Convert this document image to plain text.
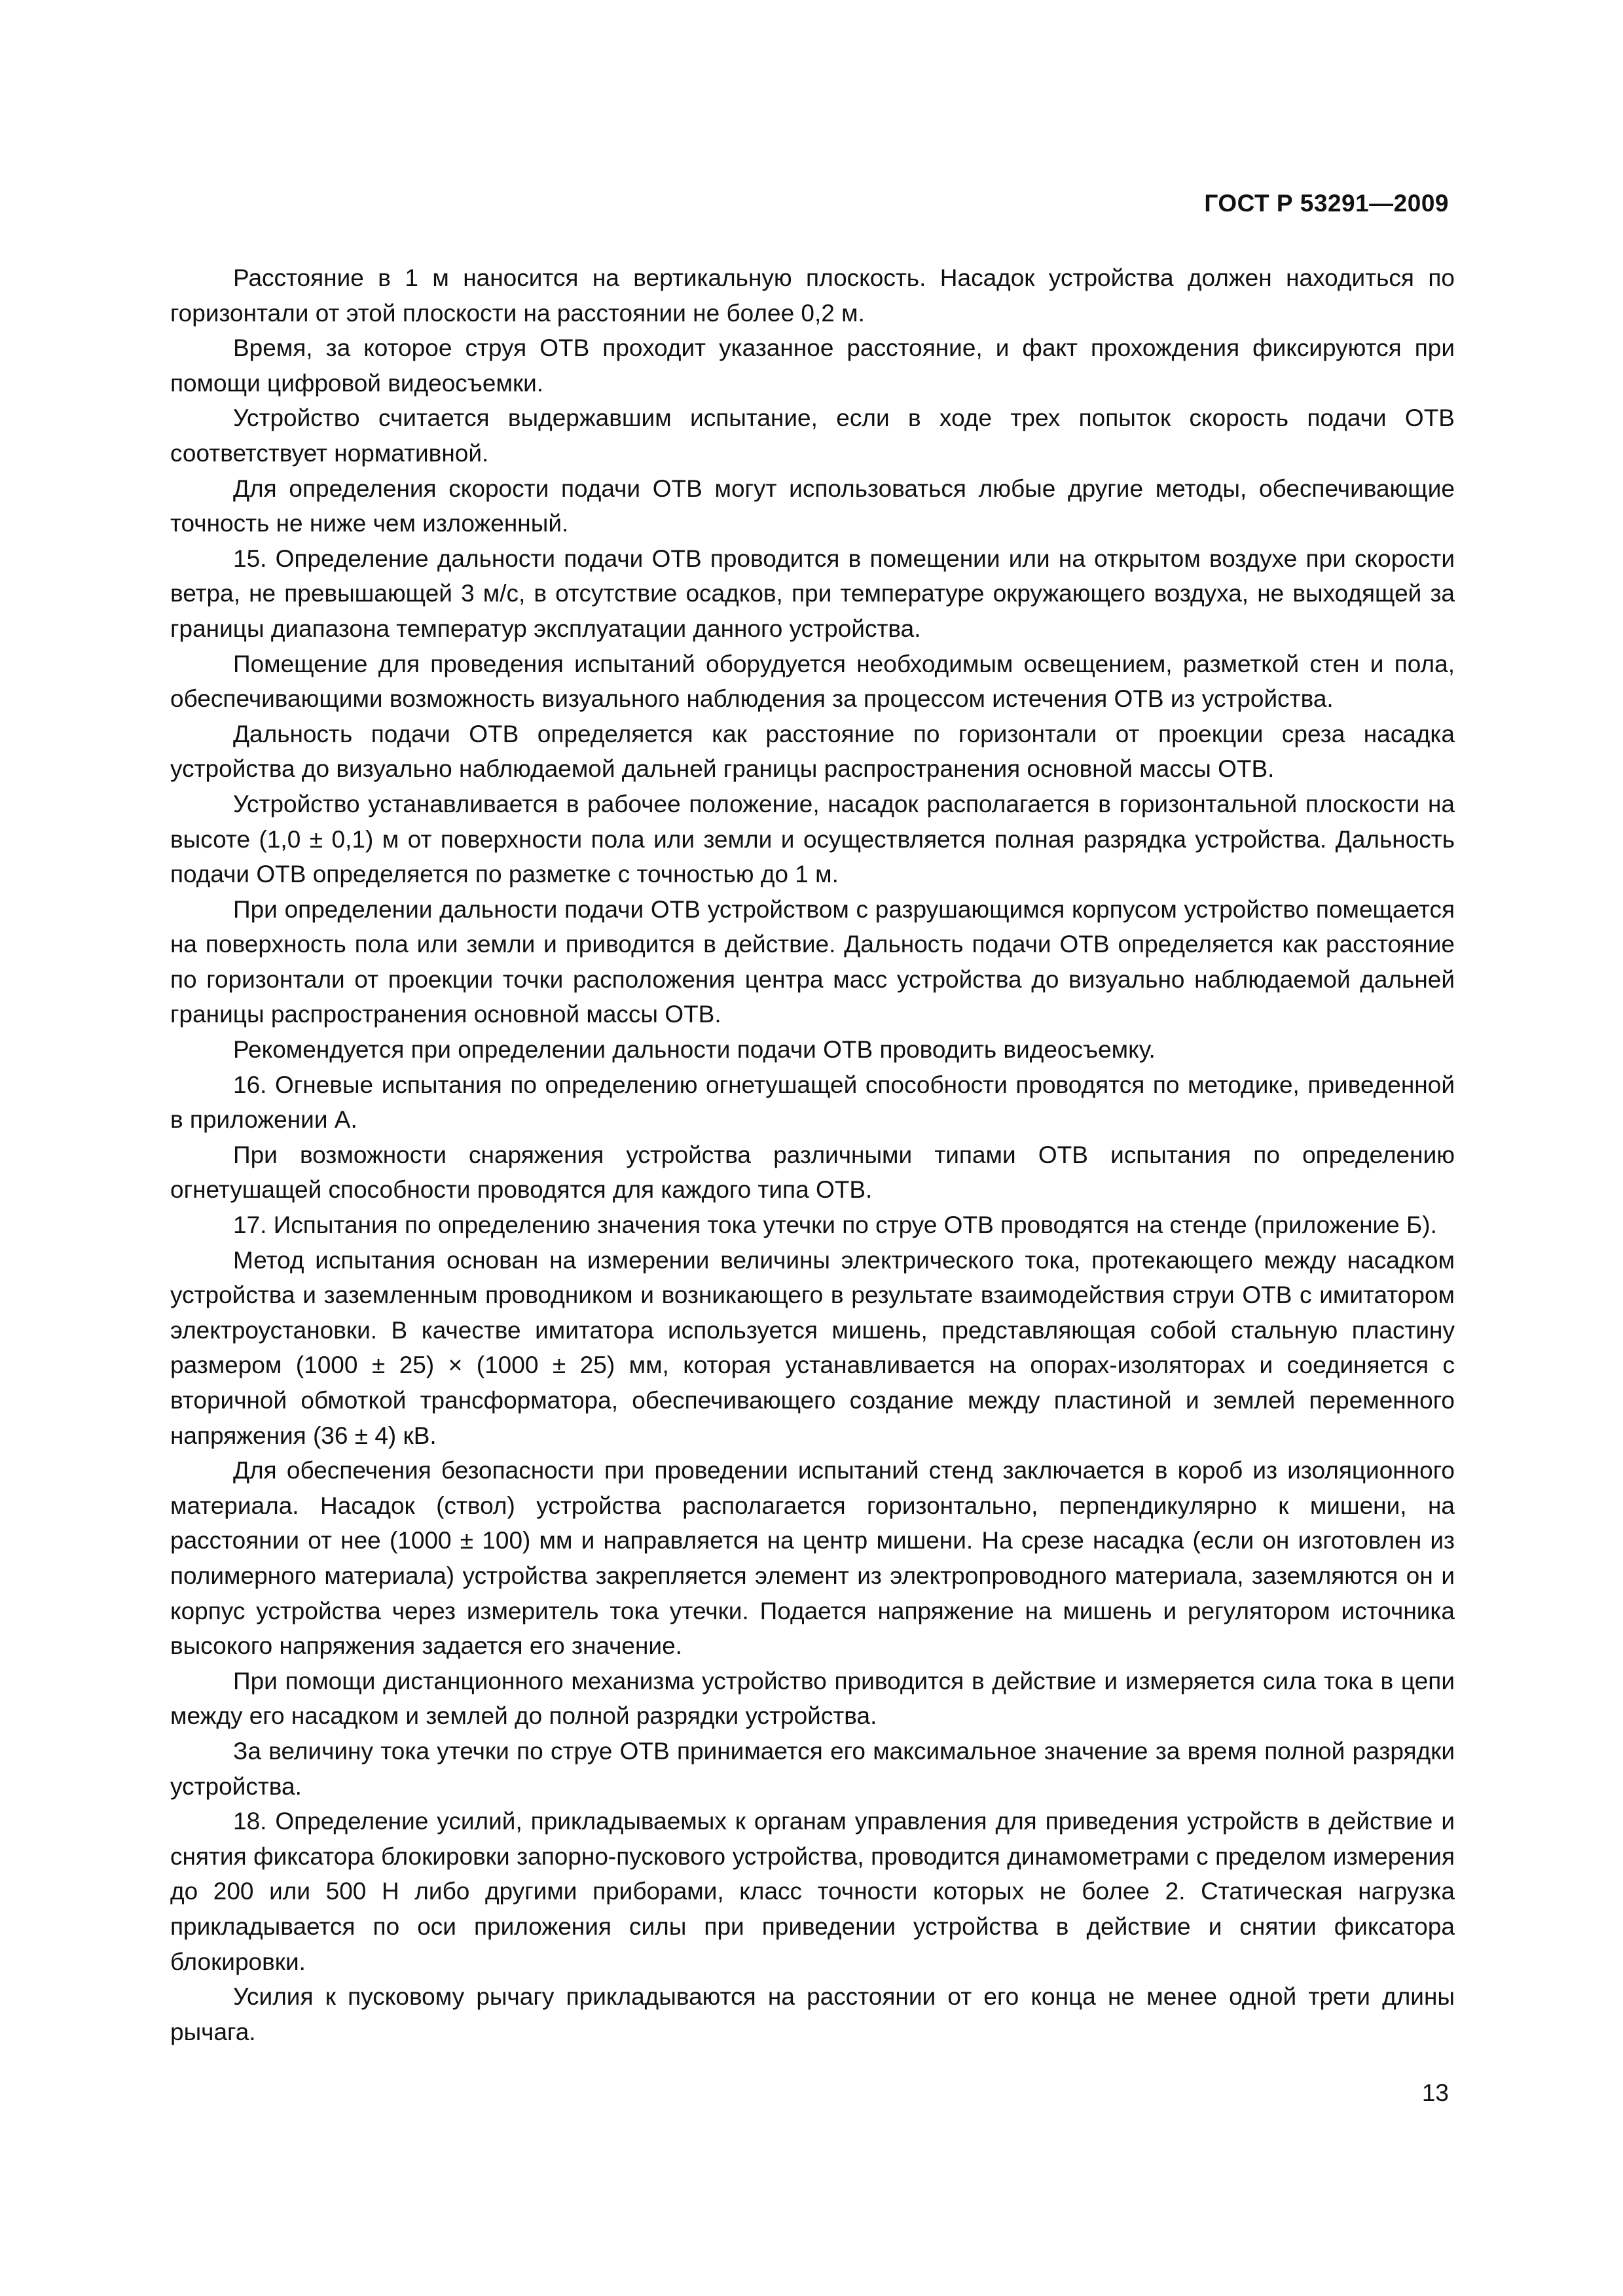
ГОСТ Р 53291—2009

Расстояние в 1 м наносится на вертикальную плоскость. Насадок устройства должен находиться по горизонтали от этой плоскости на расстоянии не более 0,2 м.

Время, за которое струя ОТВ проходит указанное расстояние, и факт прохождения фиксируются при помощи цифровой видеосъемки.

Устройство считается выдержавшим испытание, если в ходе трех попыток скорость подачи ОТВ соответствует нормативной.

Для определения скорости подачи ОТВ могут использоваться любые другие методы, обеспечивающие точность не ниже чем изложенный.

15. Определение дальности подачи ОТВ проводится в помещении или на открытом воздухе при скорости ветра, не превышающей 3 м/с, в отсутствие осадков, при температуре окружающего воздуха, не выходящей за границы диапазона температур эксплуатации данного устройства.

Помещение для проведения испытаний оборудуется необходимым освещением, разметкой стен и пола, обеспечивающими возможность визуального наблюдения за процессом истечения ОТВ из устройства.

Дальность подачи ОТВ определяется как расстояние по горизонтали от проекции среза насадка устройства до визуально наблюдаемой дальней границы распространения основной массы ОТВ.

Устройство устанавливается в рабочее положение, насадок располагается в горизонтальной плоскости на высоте (1,0 ± 0,1) м от поверхности пола или земли и осуществляется полная разрядка устройства. Дальность подачи ОТВ определяется по разметке с точностью до 1 м.

При определении дальности подачи ОТВ устройством с разрушающимся корпусом устройство помещается на поверхность пола или земли и приводится в действие. Дальность подачи ОТВ определяется как расстояние по горизонтали от проекции точки расположения центра масс устройства до визуально наблюдаемой дальней границы распространения основной массы ОТВ.

Рекомендуется при определении дальности подачи ОТВ проводить видеосъемку.

16. Огневые испытания по определению огнетушащей способности проводятся по методике, приведенной в приложении А.

При возможности снаряжения устройства различными типами ОТВ испытания по определению огнетушащей способности проводятся для каждого типа ОТВ.

17. Испытания по определению значения тока утечки по струе ОТВ проводятся на стенде (приложение Б).

Метод испытания основан на измерении величины электрического тока, протекающего между насадком устройства и заземленным проводником и возникающего в результате взаимодействия струи ОТВ с имитатором электроустановки. В качестве имитатора используется мишень, представляющая собой стальную пластину размером (1000 ± 25) × (1000 ± 25) мм, которая устанавливается на опорах-изоляторах и соединяется с вторичной обмоткой трансформатора, обеспечивающего создание между пластиной и землей переменного напряжения (36 ± 4) кВ.

Для обеспечения безопасности при проведении испытаний стенд заключается в короб из изоляционного материала. Насадок (ствол) устройства располагается горизонтально, перпендикулярно к мишени, на расстоянии от нее (1000 ± 100) мм и направляется на центр мишени. На срезе насадка (если он изготовлен из полимерного материала) устройства закрепляется элемент из электропроводного материала, заземляются он и корпус устройства через измеритель тока утечки. Подается напряжение на мишень и регулятором источника высокого напряжения задается его значение.

При помощи дистанционного механизма устройство приводится в действие и измеряется сила тока в цепи между его насадком и землей до полной разрядки устройства.

За величину тока утечки по струе ОТВ принимается его максимальное значение за время полной разрядки устройства.

18. Определение усилий, прикладываемых к органам управления для приведения устройств в действие и снятия фиксатора блокировки запорно-пускового устройства, проводится динамометрами с пределом измерения до 200 или 500 Н либо другими приборами, класс точности которых не более 2. Статическая нагрузка прикладывается по оси приложения силы при приведении устройства в действие и снятии фиксатора блокировки.

Усилия к пусковому рычагу прикладываются на расстоянии от его конца не менее одной трети длины рычага.

13
